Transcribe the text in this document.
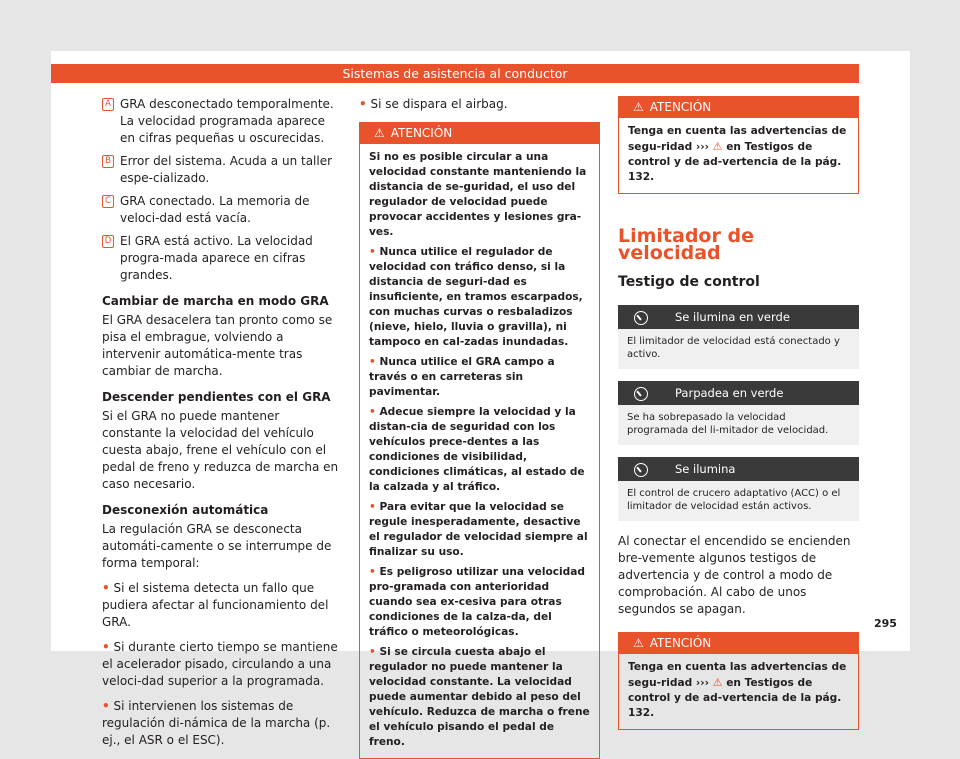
Sistemas de asistencia al conductor
A GRA desconectado temporalmente. La velocidad programada aparece en cifras pequeñas u oscurecidas.
B Error del sistema. Acuda a un taller espe-cializado.
C GRA conectado. La memoria de veloci-dad está vacía.
D El GRA está activo. La velocidad progra-mada aparece en cifras grandes.
Cambiar de marcha en modo GRA

El GRA desacelera tan pronto como se pisa el embrague, volviendo a intervenir automática-mente tras cambiar de marcha.

Descender pendientes con el GRA

Si el GRA no puede mantener constante la velocidad del vehículo cuesta abajo, frene el vehículo con el pedal de freno y reduzca de marcha en caso necesario.

Desconexión automática

La regulación GRA se desconecta automáti-camente o se interrumpe de forma temporal:

• Si el sistema detecta un fallo que pudiera afectar al funcionamiento del GRA.
• Si durante cierto tiempo se mantiene el acelerador pisado, circulando a una veloci-dad superior a la programada.
• Si intervienen los sistemas de regulación di-námica de la marcha (p. ej., el ASR o el ESC).
• Si se dispara el airbag.
⚠ ATENCIÓN

Si no es posible circular a una velocidad constante manteniendo la distancia de se-guridad, el uso del regulador de velocidad puede provocar accidentes y lesiones gra-ves.

• Nunca utilice el regulador de velocidad con tráfico denso, si la distancia de seguri-dad es insuficiente, en tramos escarpados, con muchas curvas o resbaladizos (nieve, hielo, lluvia o gravilla), ni tampoco en cal-zadas inundadas.

• Nunca utilice el GRA campo a través o en carreteras sin pavimentar.

• Adecue siempre la velocidad y la distan-cia de seguridad con los vehículos prece-dentes a las condiciones de visibilidad, condiciones climáticas, al estado de la calzada y al tráfico.

• Para evitar que la velocidad se regule inesperadamente, desactive el regulador de velocidad siempre al finalizar su uso.

• Es peligroso utilizar una velocidad pro-gramada con anterioridad cuando sea ex-cesiva para otras condiciones de la calza-da, del tráfico o meteorológicas.

• Si se circula cuesta abajo el regulador no puede mantener la velocidad constante. La velocidad puede aumentar debido al peso del vehículo. Reduzca de marcha o frene el vehículo pisando el pedal de freno.

⚠ ATENCIÓN

Tenga en cuenta las advertencias de segu-ridad ››› ⚠ en Testigos de control y de ad-vertencia de la pág. 132.

Limitador de velocidad
Testigo de control
Se ilumina en verde
El limitador de velocidad está conectado y activo.
Parpadea en verde
Se ha sobrepasado la velocidad programada del li-mitador de velocidad.
Se ilumina
El control de crucero adaptativo (ACC) o el limitador de velocidad están activos.

Al conectar el encendido se encienden bre-vemente algunos testigos de advertencia y de control a modo de comprobación. Al cabo de unos segundos se apagan.

⚠ ATENCIÓN

Tenga en cuenta las advertencias de segu-ridad ››› ⚠ en Testigos de control y de ad-vertencia de la pág. 132.

295
